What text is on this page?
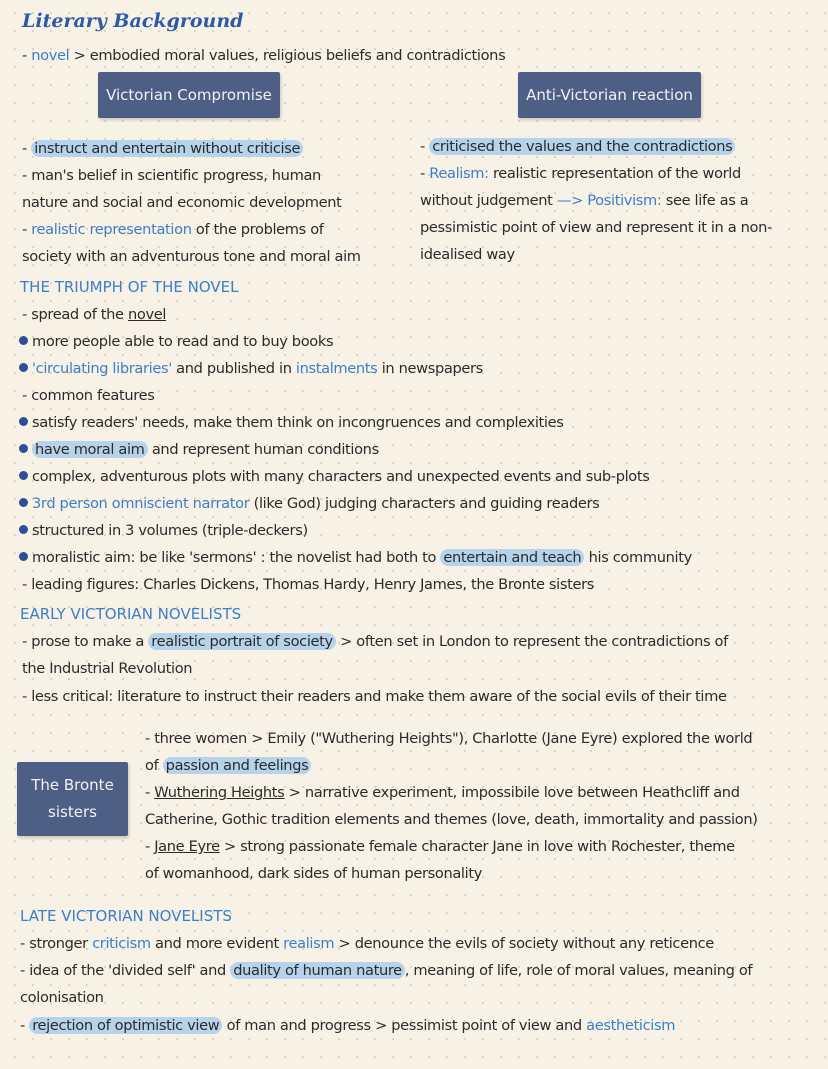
Literary Background
- novel > embodied moral values, religious beliefs and contradictions
Victorian Compromise	Anti-Victorian reaction
- instruct and entertain without criticise
- man's belief in scientific progress, human
nature and social and economic development
- realistic representation of the problems of
society with an adventurous tone and moral aim
- criticised the values and the contradictions
- Realism: realistic representation of the world
without judgement —> Positivism: see life as a
pessimistic point of view and represent it in a non-
idealised way
THE TRIUMPH OF THE NOVEL
- spread of the novel
more people able to read and to buy books
'circulating libraries' and published in instalments in newspapers
- common features
satisfy readers' needs, make them think on incongruences and complexities
have moral aim and represent human conditions
complex, adventurous plots with many characters and unexpected events and sub-plots
3rd person omniscient narrator (like God) judging characters and guiding readers
structured in 3 volumes (triple-deckers)
moralistic aim: be like 'sermons' : the novelist had both to entertain and teach his community
- leading figures: Charles Dickens, Thomas Hardy, Henry James, the Bronte sisters
EARLY VICTORIAN NOVELISTS
- prose to make a realistic portrait of society > often set in London to represent the contradictions of
the Industrial Revolution
- less critical: literature to instruct their readers and make them aware of the social evils of their time
The Bronte
sisters
- three women > Emily ("Wuthering Heights"), Charlotte (Jane Eyre) explored the world
of passion and feelings
- Wuthering Heights > narrative experiment, impossibile love between Heathcliff and
Catherine, Gothic tradition elements and themes (love, death, immortality and passion)
- Jane Eyre > strong passionate female character Jane in love with Rochester, theme
of womanhood, dark sides of human personality
LATE VICTORIAN NOVELISTS
- stronger criticism and more evident realism > denounce the evils of society without any reticence
- idea of the 'divided self' and duality of human nature , meaning of life, role of moral values, meaning of
colonisation
- rejection of optimistic view of man and progress > pessimist point of view and aestheticism
